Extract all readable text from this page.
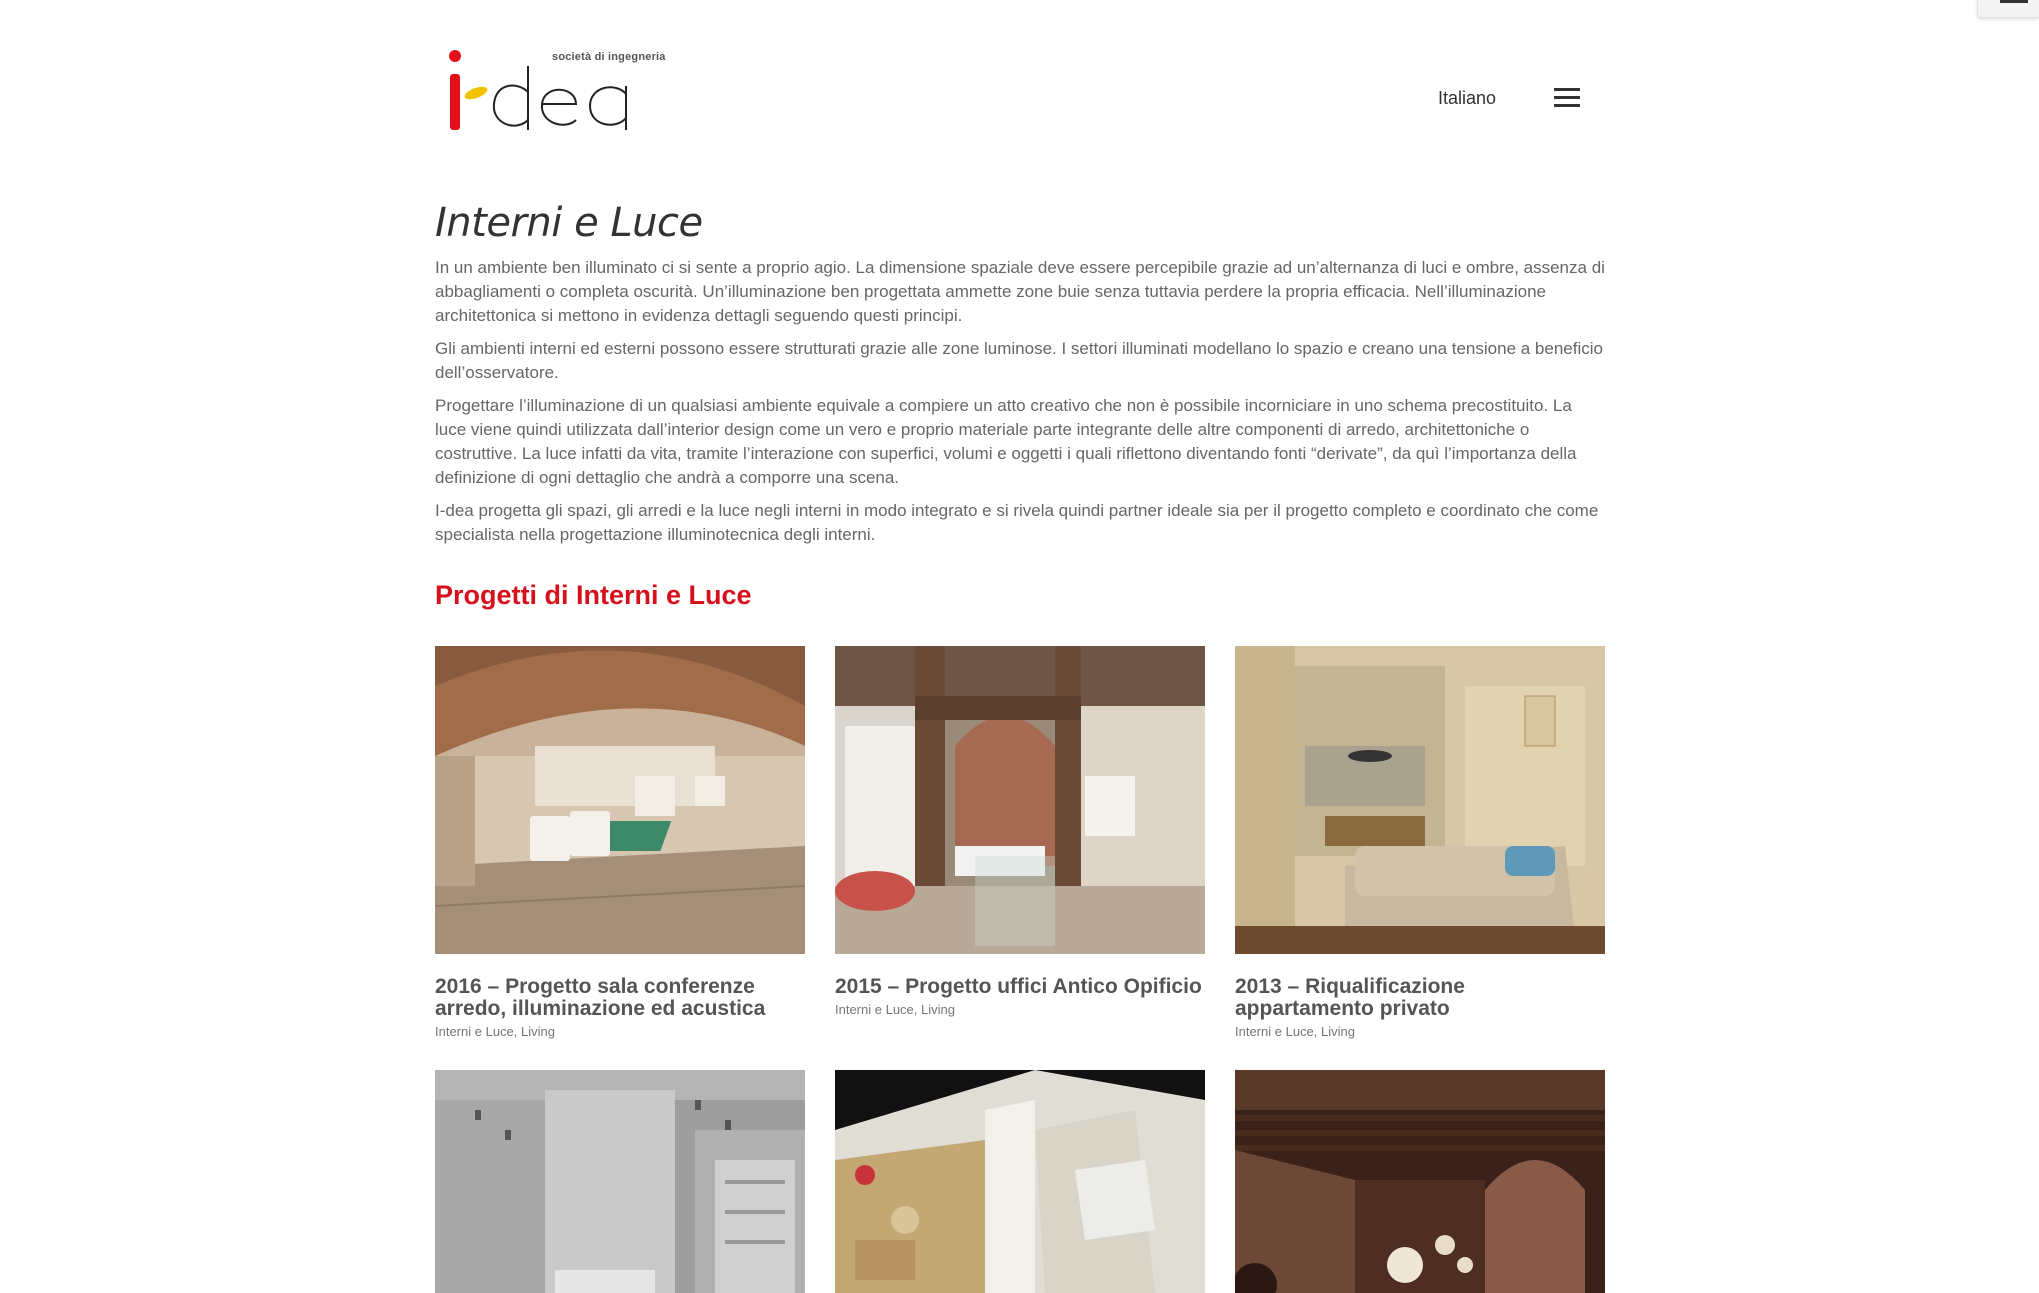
società di ingegneria
Italiano
Interni e Luce

In un ambiente ben illuminato ci si sente a proprio agio. La dimensione spaziale deve essere percepibile grazie ad un’alternanza di luci e ombre, assenza di abbagliamenti o completa oscurità. Un’illuminazione ben progettata ammette zone buie senza tuttavia perdere la propria efficacia. Nell’illuminazione architettonica si mettono in evidenza dettagli seguendo questi principi.

Gli ambienti interni ed esterni possono essere strutturati grazie alle zone luminose. I settori illuminati modellano lo spazio e creano una tensione a beneficio dell’osservatore.

Progettare l’illuminazione di un qualsiasi ambiente equivale a compiere un atto creativo che non è possibile incorniciare in uno schema precostituito. La luce viene quindi utilizzata dall’interior design come un vero e proprio materiale parte integrante delle altre componenti di arredo, architettoniche o costruttive. La luce infatti da vita, tramite l’interazione con superfici, volumi e oggetti i quali riflettono diventando fonti “derivate”, da quì l’importanza della definizione di ogni dettaglio che andrà a comporre una scena.

I-dea progetta gli spazi, gli arredi e la luce negli interni in modo integrato e si rivela quindi partner ideale sia per il progetto completo e coordinato che come specialista nella progettazione illuminotecnica degli interni.

Progetti di Interni e Luce
2016 – Progetto sala conferenze arredo, illuminazione ed acustica
Interni e Luce, Living
2015 – Progetto uffici Antico Opificio
Interni e Luce, Living
2013 – Riqualificazione appartamento privato
Interni e Luce, Living
